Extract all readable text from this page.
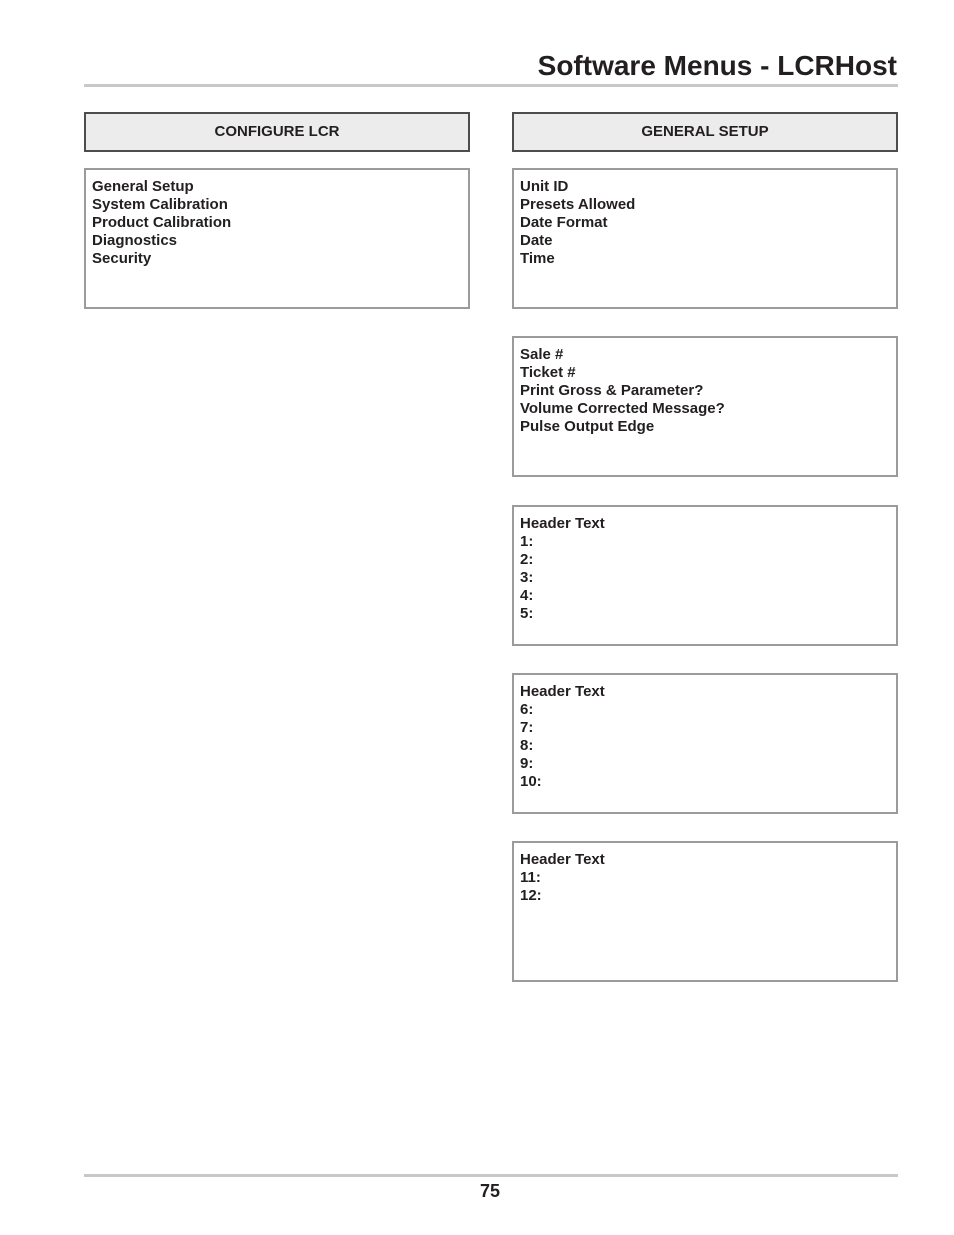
Software Menus - LCRHost
CONFIGURE LCR
General Setup
System Calibration
Product Calibration
Diagnostics
Security
GENERAL SETUP
Unit ID
Presets Allowed
Date Format
Date
Time
Sale #
Ticket #
Print Gross & Parameter?
Volume Corrected Message?
Pulse Output Edge
Header Text
1:
2:
3:
4:
5:
Header Text
6:
7:
8:
9:
10:
Header Text
11:
12:
75
